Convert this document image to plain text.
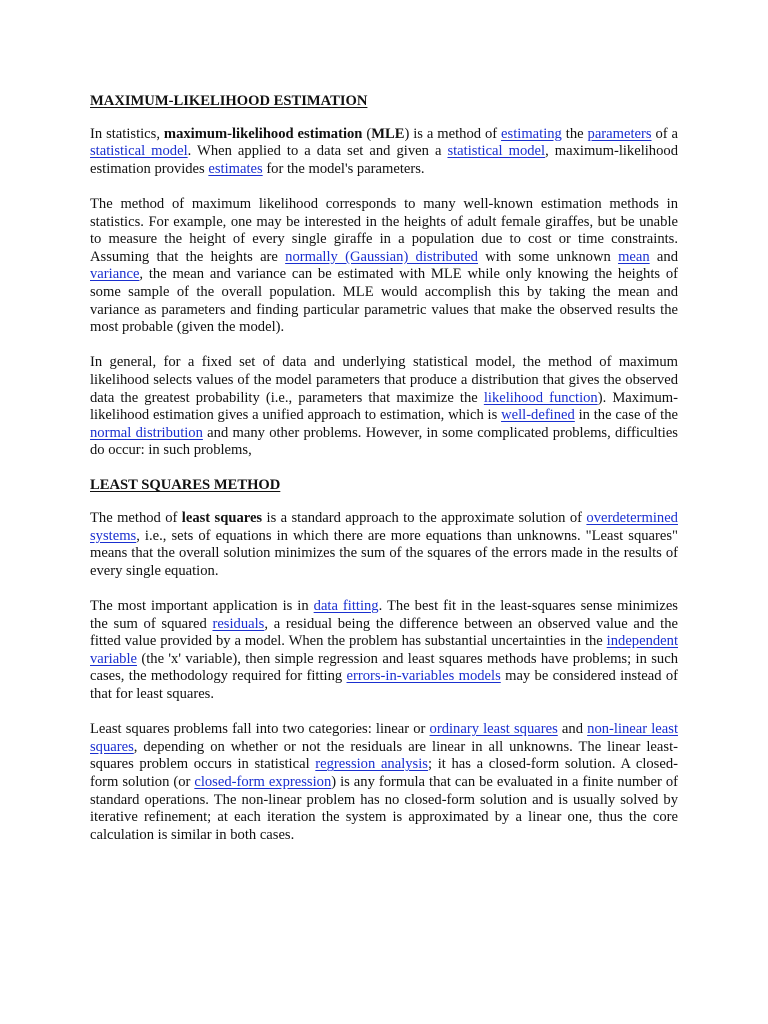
MAXIMUM-LIKELIHOOD ESTIMATION

In statistics, maximum-likelihood estimation (MLE) is a method of estimating the parameters of a statistical model. When applied to a data set and given a statistical model, maximum-likelihood estimation provides estimates for the model's parameters.

The method of maximum likelihood corresponds to many well-known estimation methods in statistics. For example, one may be interested in the heights of adult female giraffes, but be unable to measure the height of every single giraffe in a population due to cost or time constraints. Assuming that the heights are normally (Gaussian) distributed with some unknown mean and variance, the mean and variance can be estimated with MLE while only knowing the heights of some sample of the overall population. MLE would accomplish this by taking the mean and variance as parameters and finding particular parametric values that make the observed results the most probable (given the model).

In general, for a fixed set of data and underlying statistical model, the method of maximum likelihood selects values of the model parameters that produce a distribution that gives the observed data the greatest probability (i.e., parameters that maximize the likelihood function). Maximum-likelihood estimation gives a unified approach to estimation, which is well-defined in the case of the normal distribution and many other problems. However, in some complicated problems, difficulties do occur: in such problems,

LEAST SQUARES METHOD

The method of least squares is a standard approach to the approximate solution of overdetermined systems, i.e., sets of equations in which there are more equations than unknowns. "Least squares" means that the overall solution minimizes the sum of the squares of the errors made in the results of every single equation.

The most important application is in data fitting. The best fit in the least-squares sense minimizes the sum of squared residuals, a residual being the difference between an observed value and the fitted value provided by a model. When the problem has substantial uncertainties in the independent variable (the 'x' variable), then simple regression and least squares methods have problems; in such cases, the methodology required for fitting errors-in-variables models may be considered instead of that for least squares.

Least squares problems fall into two categories: linear or ordinary least squares and non-linear least squares, depending on whether or not the residuals are linear in all unknowns. The linear least-squares problem occurs in statistical regression analysis; it has a closed-form solution. A closed-form solution (or closed-form expression) is any formula that can be evaluated in a finite number of standard operations. The non-linear problem has no closed-form solution and is usually solved by iterative refinement; at each iteration the system is approximated by a linear one, thus the core calculation is similar in both cases.
